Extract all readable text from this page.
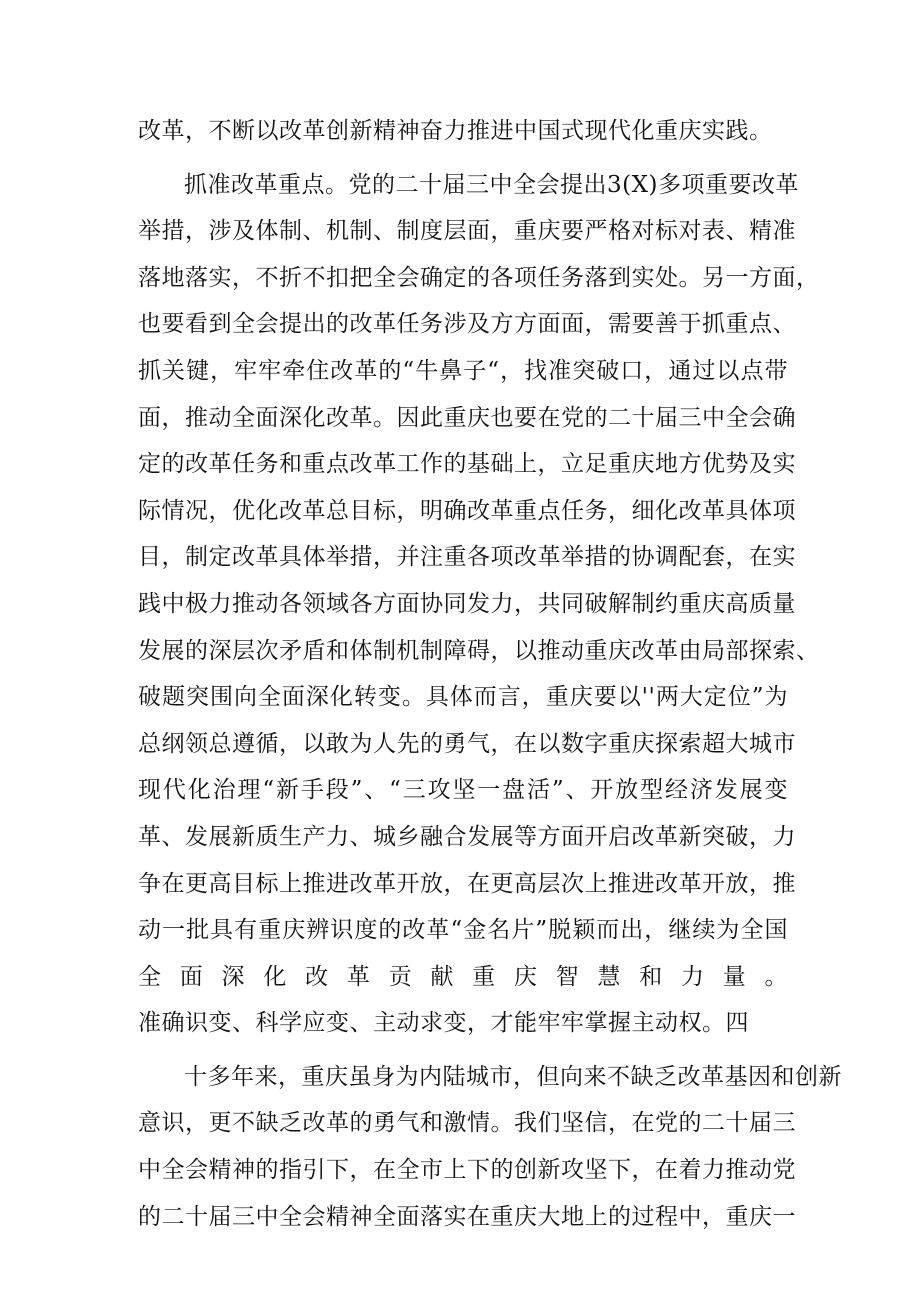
改革，不断以改革创新精神奋力推进中国式现代化重庆实践。
抓准改革重点。党的二十届三中全会提出3(X)多项重要改革
举措，涉及体制、机制、制度层面，重庆要严格对标对表、精准
落地落实，不折不扣把全会确定的各项任务落到实处。另一方面，
也要看到全会提出的改革任务涉及方方面面，需要善于抓重点、
抓关键，牢牢牵住改革的“牛鼻子“，找准突破口，通过以点带
面，推动全面深化改革。因此重庆也要在党的二十届三中全会确
定的改革任务和重点改革工作的基础上，立足重庆地方优势及实
际情况，优化改革总目标，明确改革重点任务，细化改革具体项
目，制定改革具体举措，并注重各项改革举措的协调配套，在实
践中极力推动各领域各方面协同发力，共同破解制约重庆高质量
发展的深层次矛盾和体制机制障碍，以推动重庆改革由局部探索、
破题突围向全面深化转变。具体而言，重庆要以''两大定位”为
总纲领总遵循，以敢为人先的勇气，在以数字重庆探索超大城市
现代化治理“新手段”、“三攻坚一盘活”、开放型经济发展变
革、发展新质生产力、城乡融合发展等方面开启改革新突破，力
争在更高目标上推进改革开放，在更高层次上推进改革开放，推
动一批具有重庆辨识度的改革“金名片”脱颖而出，继续为全国
全面深化改革贡献重庆智慧和力量。
准确识变、科学应变、主动求变，才能牢牢掌握主动权。四
十多年来，重庆虽身为内陆城市，但向来不缺乏改革基因和创新
意识，更不缺乏改革的勇气和激情。我们坚信，在党的二十届三
中全会精神的指引下，在全市上下的创新攻坚下，在着力推动党
的二十届三中全会精神全面落实在重庆大地上的过程中，重庆一
